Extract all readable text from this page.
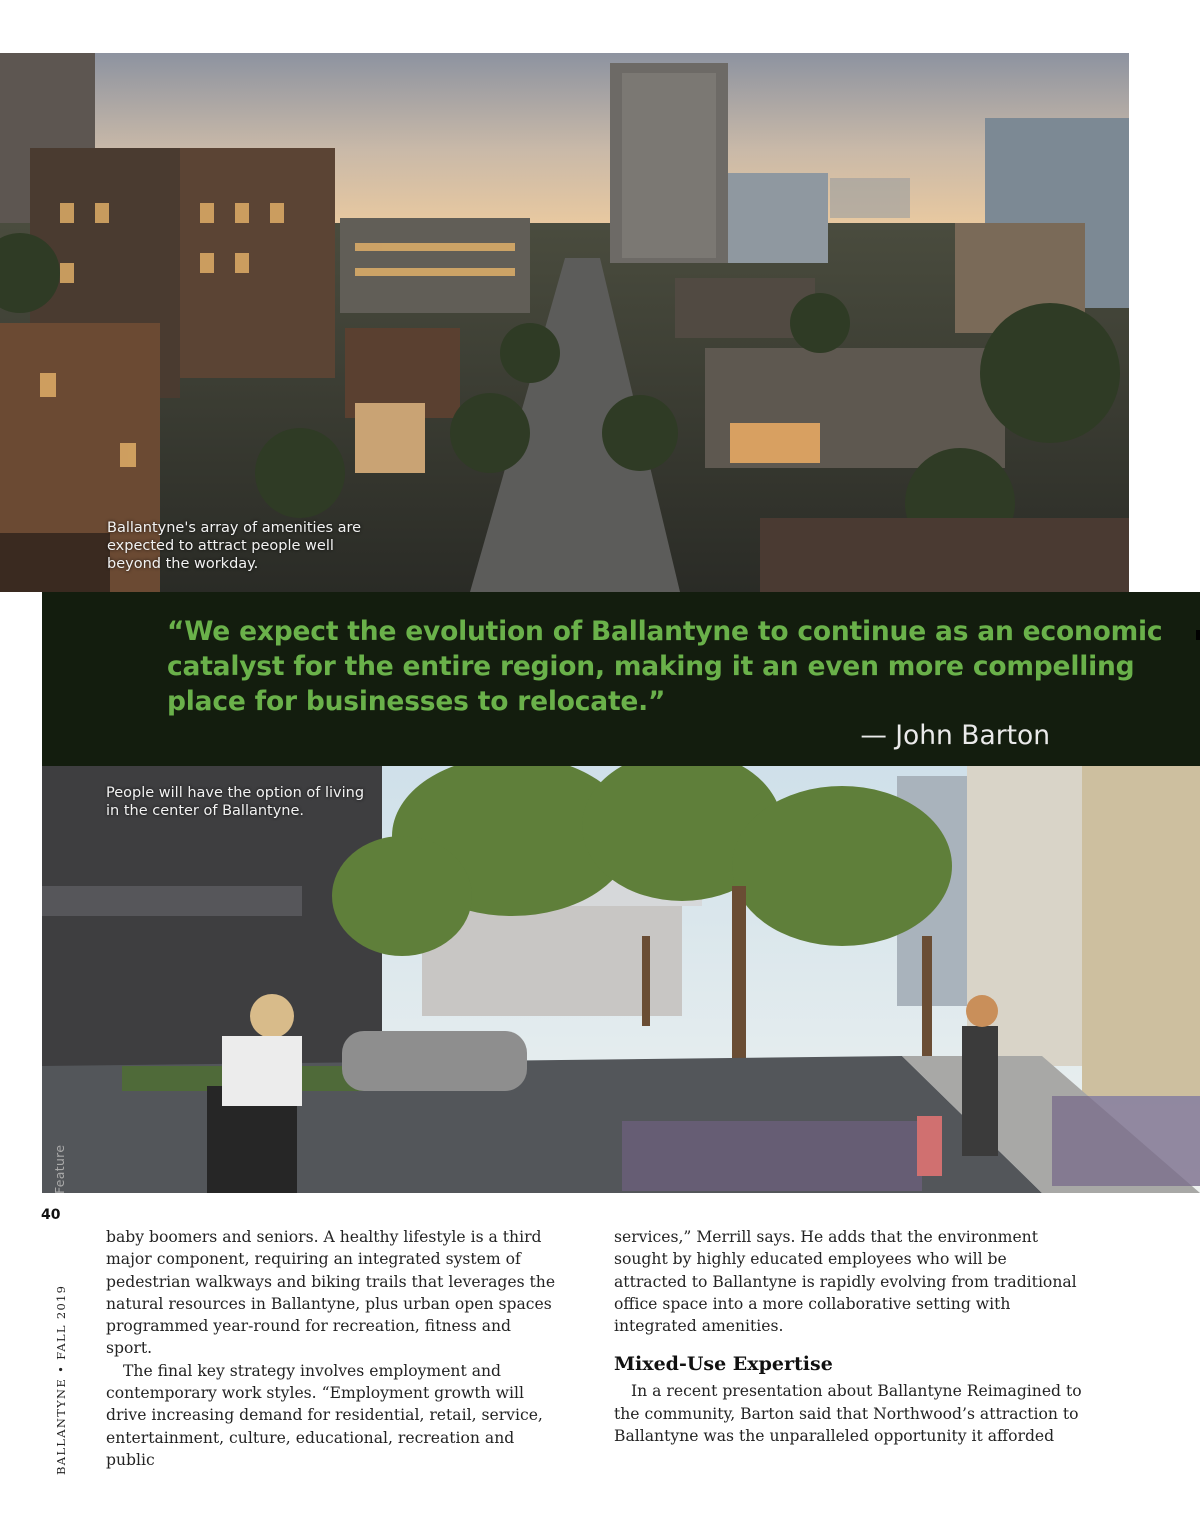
Ballantyne's array of amenities are expected to attract people well beyond the workday.

“We expect the evolution of Ballantyne to continue as an economic catalyst for the entire region, making it an even more compelling place for businesses to relocate.”

— John Barton
People will have the option of living in the center of Ballantyne.
Feature
40
BALLANTYNE • FALL 2019

baby boomers and seniors. A healthy lifestyle is a third major component, requiring an integrated system of pedestrian walkways and biking trails that leverages the natural resources in Ballantyne, plus urban open spaces programmed year-round for recreation, fitness and sport.

The final key strategy involves employment and contemporary work styles. “Employment growth will drive increasing demand for residential, retail, service, entertainment, culture, educational, recreation and public

services,” Merrill says. He adds that the environment sought by highly educated employees who will be attracted to Ballantyne is rapidly evolving from traditional office space into a more collaborative setting with integrated amenities.

Mixed-Use Expertise

In a recent presentation about Ballantyne Reimagined to the community, Barton said that Northwood’s attraction to Ballantyne was the unparalleled opportunity it afforded
